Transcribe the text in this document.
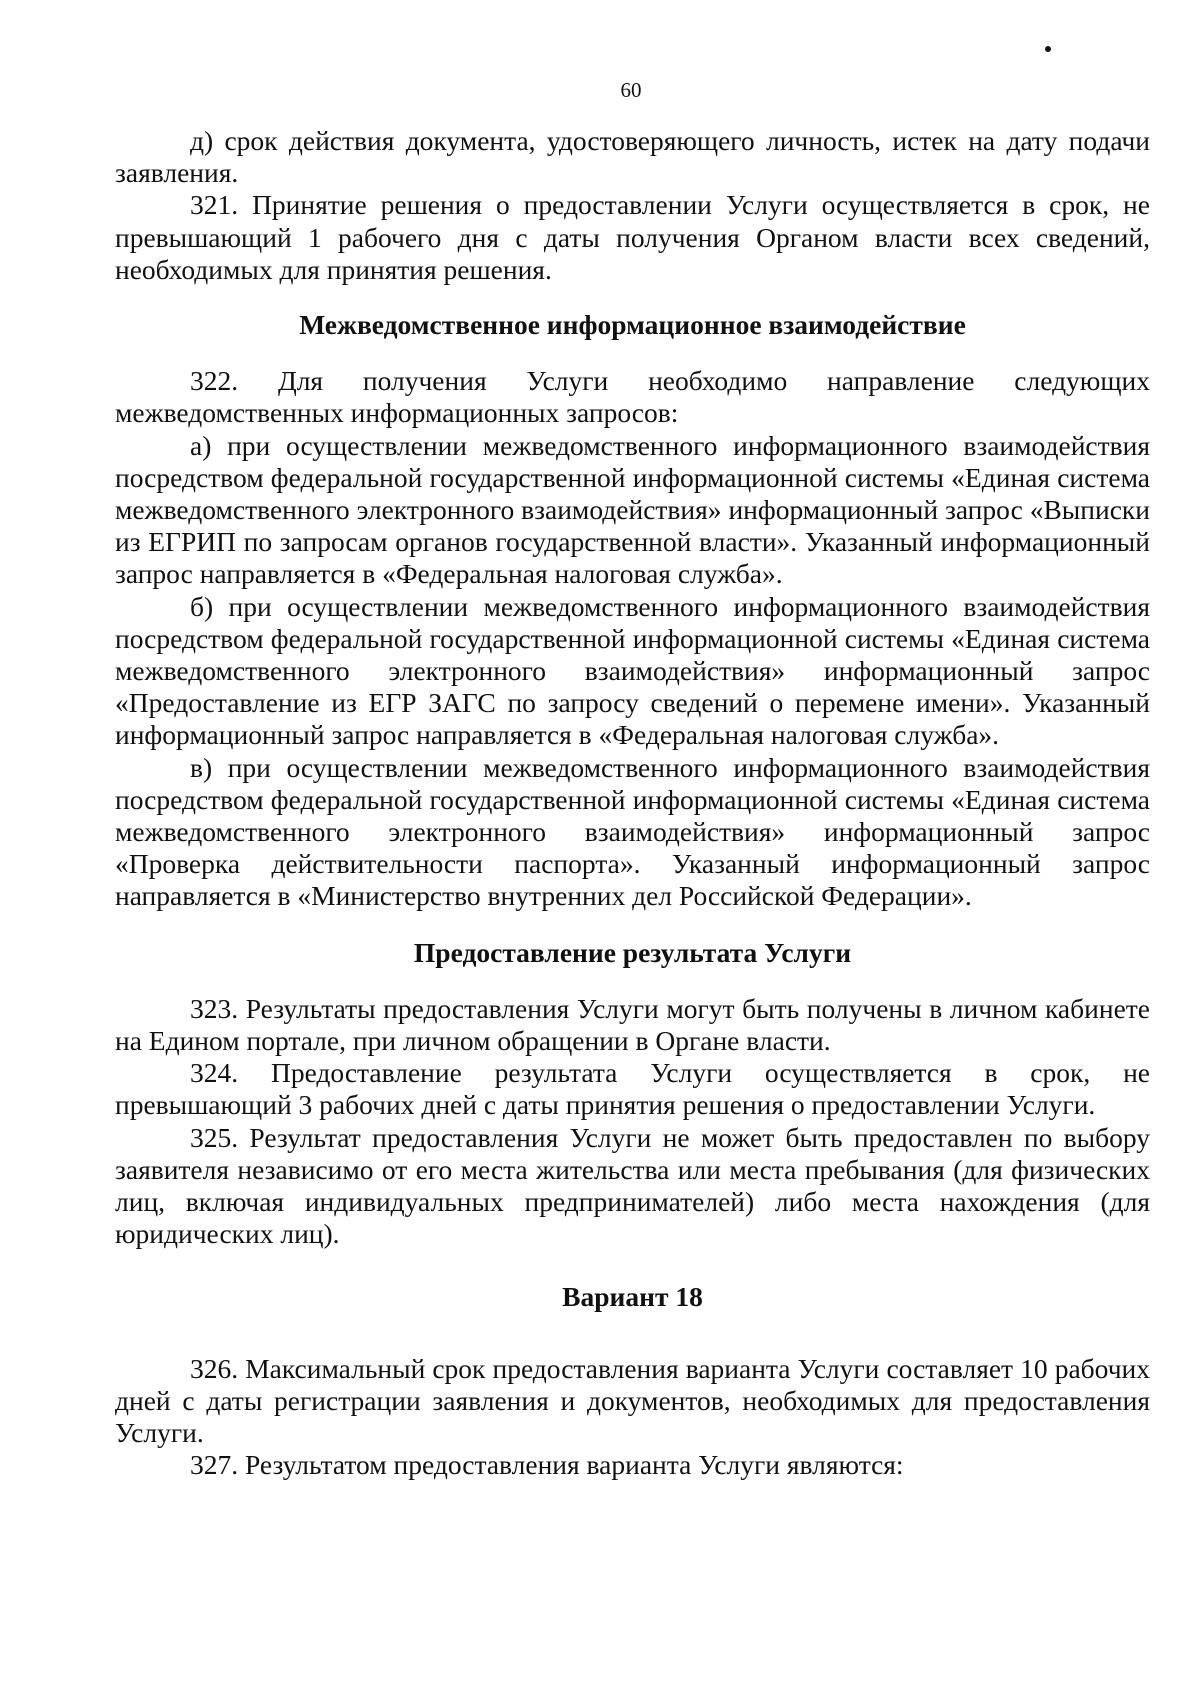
60

д) срок действия документа, удостоверяющего личность, истек на дату подачи заявления.

321. Принятие решения о предоставлении Услуги осуществляется в срок, не превышающий 1 рабочего дня с даты получения Органом власти всех сведений, необходимых для принятия решения.

Межведомственное информационное взаимодействие

322. Для получения Услуги необходимо направление следующих межведомственных информационных запросов:

а) при осуществлении межведомственного информационного взаимодействия посредством федеральной государственной информационной системы «Единая система межведомственного электронного взаимодействия» информационный запрос «Выписки из ЕГРИП по запросам органов государственной власти». Указанный информационный запрос направляется в «Федеральная налоговая служба».

б) при осуществлении межведомственного информационного взаимодействия посредством федеральной государственной информационной системы «Единая система межведомственного электронного взаимодействия» информационный запрос «Предоставление из ЕГР ЗАГС по запросу сведений о перемене имени». Указанный информационный запрос направляется в «Федеральная налоговая служба».

в) при осуществлении межведомственного информационного взаимодействия посредством федеральной государственной информационной системы «Единая система межведомственного электронного взаимодействия» информационный запрос «Проверка действительности паспорта». Указанный информационный запрос направляется в «Министерство внутренних дел Российской Федерации».

Предоставление результата Услуги

323. Результаты предоставления Услуги могут быть получены в личном кабинете на Едином портале, при личном обращении в Органе власти.

324. Предоставление результата Услуги осуществляется в срок, не превышающий 3 рабочих дней с даты принятия решения о предоставлении Услуги.

325. Результат предоставления Услуги не может быть предоставлен по выбору заявителя независимо от его места жительства или места пребывания (для физических лиц, включая индивидуальных предпринимателей) либо места нахождения (для юридических лиц).

Вариант 18

326. Максимальный срок предоставления варианта Услуги составляет 10 рабочих дней с даты регистрации заявления и документов, необходимых для предоставления Услуги.

327. Результатом предоставления варианта Услуги являются:
